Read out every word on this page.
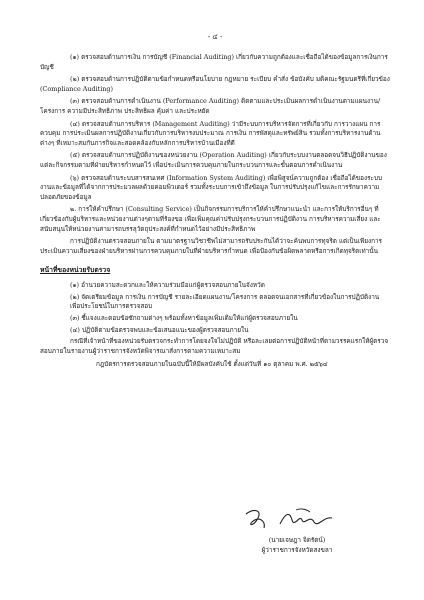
- ๔ -

(๑) ตรวจสอบด้านการเงิน การบัญชี (Financial Auditing) เกี่ยวกับความถูกต้องและเชื่อถือได้ของข้อมูลการเงินการบัญชี

(๒) ตรวจสอบด้านการปฏิบัติตามข้อกำหนดหรือนโยบาย กฎหมาย ระเบียบ คำสั่ง ข้อบังคับ มติคณะรัฐมนตรีที่เกี่ยวข้อง (Compliance Auditing)

(๓) ตรวจสอบด้านการดำเนินงาน (Performance Auditing) ติดตามและประเมินผลการดำเนินงานตามแผนงาน/โครงการ ความมีประสิทธิภาพ ประสิทธิผล คุ้มค่า และประหยัด

(๔) ตรวจสอบด้านการบริหาร (Management Auditing) ว่ามีระบบการบริหารจัดการที่เกี่ยวกับ การวางแผน การควบคุม การประเมินผลการปฏิบัติงานเกี่ยวกับการบริหารงบประมาณ การเงิน การพัสดุและทรัพย์สิน รวมทั้งการบริหารงานด้านต่างๆ ที่เหมาะสมกับภารกิจและสอดคล้องกับหลักการบริหารบ้านเมืองที่ดี

(๕) ตรวจสอบด้านการปฏิบัติงานของหน่วยงาน (Operation Auditing) เกี่ยวกับระบบงานตลอดจนวิธีปฏิบัติงานของแต่ละกิจกรรมตามที่ฝ่ายบริหารกำหนดไว้ เพื่อประเมินการควบคุมภายในกระบวนการและขั้นตอนการดำเนินงาน

(๖) ตรวจสอบด้านระบบสารสนเทศ (Information System Auditing) เพื่อพิสูจน์ความถูกต้อง เชื่อถือได้ของระบบงานและข้อมูลที่ได้จากการประมวลผลด้วยคอมพิวเตอร์ รวมทั้งระบบการเข้าถึงข้อมูล ในการปรับปรุงแก้ไขและการรักษาความปลอดภัยของข้อมูล

๒. การให้คำปรึกษา (Consulting Service) เป็นกิจกรรมการบริการให้คำปรึกษาแนะนำ และการให้บริการอื่นๆ ที่เกี่ยวข้องกับผู้บริหารและหน่วยงานต่างๆตามที่ร้องขอ เพื่อเพิ่มคุณค่าปรับปรุงกระบวนการปฏิบัติงาน การบริหารความเสี่ยง และสนับสนุนให้หน่วยงานสามารถบรรลุวัตถุประสงค์ที่กำหนดไว้อย่างมีประสิทธิภาพ

การปฏิบัติงานตรวจสอบภายใน ตามมาตรฐานวิชาชีพไม่สามารถรับประกันได้ว่าจะค้นพบการทุจริต แต่เป็นเพียงการประเมินความเสี่ยงของฝ่ายบริหารผ่านการควบคุมภายในที่ฝ่ายบริหารกำหนด เพื่อป้องกันข้อผิดพลาดหรือการเกิดทุจริตเท่านั้น

หน้าที่ของหน่วยรับตรวจ

(๑) อำนวยความสะดวกและให้ความร่วมมือแก่ผู้ตรวจสอบภายในจังหวัด

(๒) จัดเตรียมข้อมูล การเงิน การบัญชี รายละเอียดแผนงาน/โครงการ ตลอดจนเอกสารที่เกี่ยวข้องในการปฏิบัติงาน เพื่อประโยชน์ในการตรวจสอบ

(๓) ชี้แจงและตอบข้อซักถามต่างๆ พร้อมทั้งหาข้อมูลเพิ่มเติมให้แก่ผู้ตรวจสอบภายใน

(๔) ปฏิบัติตามข้อตรวจพบและข้อเสนอแนะของผู้ตรวจสอบภายใน

กรณีที่เจ้าหน้าที่ของหน่วยรับตรวจกระทำการโดยจงใจไม่ปฏิบัติ หรือละเลยต่อการปฏิบัติหน้าที่ตามวรรคแรกให้ผู้ตรวจสอบภายในรายงานผู้ว่าราชการจังหวัดพิจารณาสั่งการตามความเหมาะสม

กฎบัตรการตรวจสอบภายในฉบับนี้ให้มีผลบังคับใช้ ตั้งแต่วันที่ ๑๐ ตุลาคม พ.ศ. ๒๕๖๔

(นายเจษฎา จิตรัตน์)
ผู้ว่าราชการจังหวัดสงขลา
